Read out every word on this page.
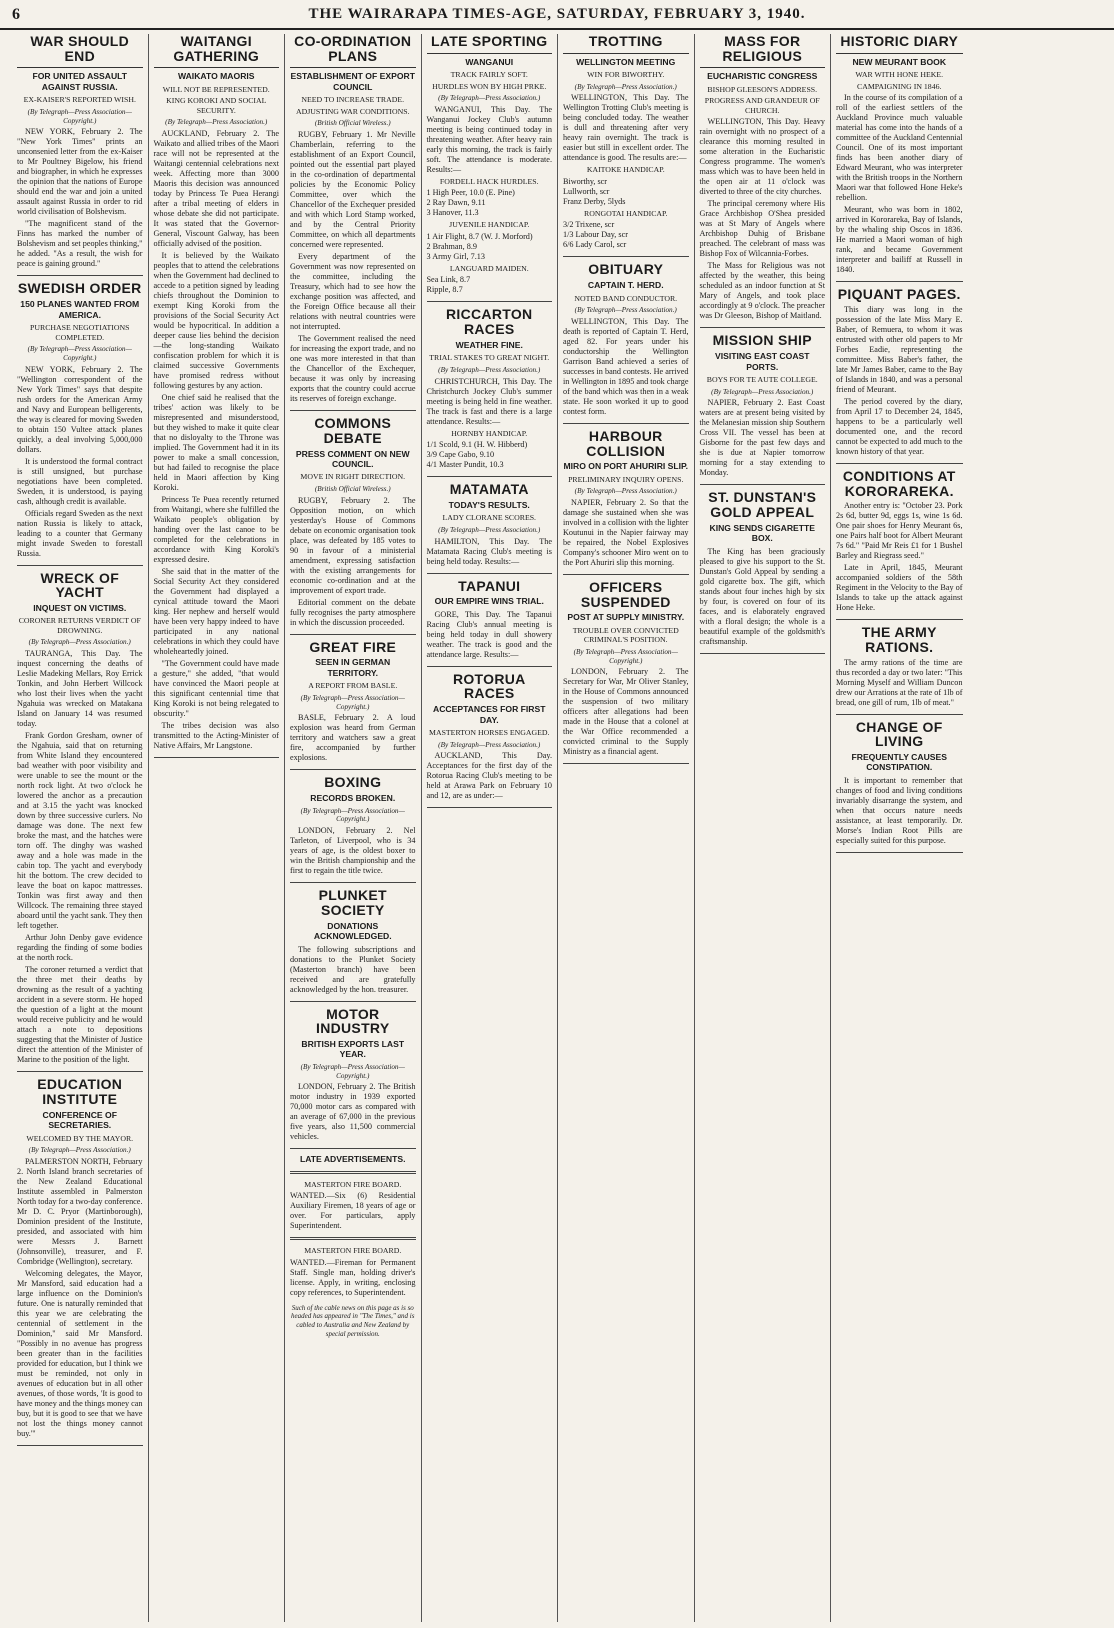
6	THE WAIRARAPA TIMES-AGE, SATURDAY, FEBRUARY 3, 1940.
WAR SHOULD END
FOR UNITED ASSAULT AGAINST RUSSIA.
EX-KAISER'S REPORTED WISH.
(By Telegraph—Press Association—Copyright.)

NEW YORK, February 2. The "New York Times" prints an unconsenied letter from the ex-Kaiser to Mr Poultney Bigelow, his friend and biographer, in which he expresses the opinion that the nations of Europe should end the war and join a united assault against Russia in order to rid world civilisation of Bolshevism.

"The magnificent stand of the Finns has marked the number of Bolshevism and set peoples thinking," he added. "As a result, the wish for peace is gaining ground."

SWEDISH ORDER
150 PLANES WANTED FROM AMERICA.
PURCHASE NEGOTIATIONS COMPLETED.
(By Telegraph—Press Association—Copyright.)

NEW YORK, February 2. The "Wellington correspondent of the New York Times" says that despite rush orders for the American Army and Navy and European belligerents, the way is cleared for moving Sweden to obtain 150 Vultee attack planes quickly, a deal involving 5,000,000 dollars.

It is understood the formal contract is still unsigned, but purchase negotiations have been completed. Sweden, it is understood, is paying cash, although credit is available.

Officials regard Sweden as the next nation Russia is likely to attack, leading to a counter that Germany might invade Sweden to forestall Russia.

WRECK OF YACHT
INQUEST ON VICTIMS.
CORONER RETURNS VERDICT OF DROWNING.
(By Telegraph—Press Association.)

TAURANGA, This Day. The inquest concerning the deaths of Leslie Madeking Mellars, Roy Errick Tonkin, and John Herbert Willcock who lost their lives when the yacht Ngahuia was wrecked on Matakana Island on January 14 was resumed today.

Frank Gordon Gresham, owner of the Ngahuia, said that on returning from White Island they encountered bad weather with poor visibility and were unable to see the mount or the north rock light. At two o'clock he lowered the anchor as a precaution and at 3.15 the yacht was knocked down by three successive curlers. No damage was done. The next few broke the mast, and the hatches were torn off. The dinghy was washed away and a hole was made in the cabin top. The yacht and everybody hit the bottom. The crew decided to leave the boat on kapoc mattresses. Tonkin was first away and then Willcock. The remaining three stayed aboard until the yacht sank. They then left together.

Arthur John Denby gave evidence regarding the finding of some bodies at the north rock.

The coroner returned a verdict that the three met their deaths by drowning as the result of a yachting accident in a severe storm. He hoped the question of a light at the mount would receive publicity and he would attach a note to depositions suggesting that the Minister of Justice direct the attention of the Minister of Marine to the position of the light.

EDUCATION INSTITUTE
CONFERENCE OF SECRETARIES.
WELCOMED BY THE MAYOR.
(By Telegraph—Press Association.)

PALMERSTON NORTH, February 2. North Island branch secretaries of the New Zealand Educational Institute assembled in Palmerston North today for a two-day conference. Mr D. C. Pryor (Martinborough), Dominion president of the Institute, presided, and associated with him were Messrs J. Barnett (Johnsonville), treasurer, and F. Combridge (Wellington), secretary.

Welcoming delegates, the Mayor, Mr Mansford, said education had a large influence on the Dominion's future. One is naturally reminded that this year we are celebrating the centennial of settlement in the Dominion," said Mr Mansford. "Possibly in no avenue has progress been greater than in the facilities provided for education, but I think we must be reminded, not only in avenues of education but in all other avenues, of those words, 'It is good to have money and the things money can buy, but it is good to see that we have not lost the things money cannot buy.'"

WAITANGI GATHERING
WAIKATO MAORIS
WILL NOT BE REPRESENTED.
KING KOROKI AND SOCIAL SECURITY.
(By Telegraph—Press Association.)

AUCKLAND, February 2. The Waikato and allied tribes of the Maori race will not be represented at the Waitangi centennial celebrations next week. Affecting more than 3000 Maoris this decision was announced today by Princess Te Puea Herangi after a tribal meeting of elders in whose debate she did not participate. It was stated that the Governor-General, Viscount Galway, has been officially advised of the position.

It is believed by the Waikato peoples that to attend the celebrations when the Government had declined to accede to a petition signed by leading chiefs throughout the Dominion to exempt King Koroki from the provisions of the Social Security Act would be hypocritical. In addition a deeper cause lies behind the decision —the long-standing Waikato confiscation problem for which it is claimed successive Governments have promised redress without following gestures by any action.

One chief said he realised that the tribes' action was likely to be misrepresented and misunderstood, but they wished to make it quite clear that no disloyalty to the Throne was implied. The Government had it in its power to make a small concession, but had failed to recognise the place held in Maori affection by King Koroki.

Princess Te Puea recently returned from Waitangi, where she fulfilled the Waikato people's obligation by handing over the last canoe to be completed for the celebrations in accordance with King Koroki's expressed desire.

She said that in the matter of the Social Security Act they considered the Government had displayed a cynical attitude toward the Maori king. Her nephew and herself would have been very happy indeed to have participated in any national celebrations in which they could have wholeheartedly joined.

"The Government could have made a gesture," she added, "that would have convinced the Maori people at this significant centennial time that King Koroki is not being relegated to obscurity."

The tribes decision was also transmitted to the Acting-Minister of Native Affairs, Mr Langstone.

CO-ORDINATION PLANS
ESTABLISHMENT OF EXPORT COUNCIL
NEED TO INCREASE TRADE.
ADJUSTING WAR CONDITIONS.
(British Official Wireless.)

RUGBY, February 1. Mr Neville Chamberlain, referring to the establishment of an Export Council, pointed out the essential part played in the co-ordination of departmental policies by the Economic Policy Committee, over which the Chancellor of the Exchequer presided and with which Lord Stamp worked, and by the Central Priority Committee, on which all departments concerned were represented.

Every department of the Government was now represented on the committee, including the Treasury, which had to see how the exchange position was affected, and the Foreign Office because all their relations with neutral countries were not interrupted.

The Government realised the need for increasing the export trade, and no one was more interested in that than the Chancellor of the Exchequer, because it was only by increasing exports that the country could accrue its reserves of foreign exchange.

COMMONS DEBATE
PRESS COMMENT ON NEW COUNCIL.
MOVE IN RIGHT DIRECTION.
(British Official Wireless.)

RUGBY, February 2. The Opposition motion, on which yesterday's House of Commons debate on economic organisation took place, was defeated by 185 votes to 90 in favour of a ministerial amendment, expressing satisfaction with the existing arrangements for economic co-ordination and at the improvement of export trade.

Editorial comment on the debate fully recognises the party atmosphere in which the discussion proceeded.

GREAT FIRE
SEEN IN GERMAN TERRITORY.
A REPORT FROM BASLE.
(By Telegraph—Press Association—Copyright.)

BASLE, February 2. A loud explosion was heard from German territory and watchers saw a great fire, accompanied by further explosions.

BOXING
RECORDS BROKEN.
(By Telegraph—Press Association—Copyright.)

LONDON, February 2. Nel Tarleton, of Liverpool, who is 34 years of age, is the oldest boxer to win the British championship and the first to regain the title twice.

PLUNKET SOCIETY
DONATIONS ACKNOWLEDGED.

The following subscriptions and donations to the Plunket Society (Masterton branch) have been received and are gratefully acknowledged by the hon. treasurer.

MOTOR INDUSTRY
BRITISH EXPORTS LAST YEAR.
(By Telegraph—Press Association—Copyright.)

LONDON, February 2. The British motor industry in 1939 exported 70,000 motor cars as compared with an average of 67,000 in the previous five years, also 11,500 commercial vehicles.

LATE ADVERTISEMENTS.
MASTERTON FIRE BOARD.

WANTED.—Six (6) Residential Auxiliary Firemen, 18 years of age or over. For particulars, apply Superintendent.

MASTERTON FIRE BOARD.

WANTED.—Fireman for Permanent Staff. Single man, holding driver's license. Apply, in writing, enclosing copy references, to Superintendent.

Such of the cable news on this page as is so headed has appeared in "The Times," and is cabled to Australia and New Zealand by special permission.
LATE SPORTING
WANGANUI
TRACK FAIRLY SOFT.
HURDLES WON BY HIGH PRKE.
(By Telegraph—Press Association.)

WANGANUI, This Day. The Wanganui Jockey Club's autumn meeting is being continued today in threatening weather. After heavy rain early this morning, the track is fairly soft. The attendance is moderate. Results:—

FORDELL HACK HURDLES.
1 High Peer, 10.0 (E. Pine)
2 Ray Dawn, 9.11
3 Hanover, 11.3
JUVENILE HANDICAP.
1 Air Flight, 8.7 (W. J. Morford)
2 Brahman, 8.9
3 Army Girl, 7.13
LANGUARD MAIDEN.
Sea Link, 8.7
Ripple, 8.7
RICCARTON RACES
WEATHER FINE.
TRIAL STAKES TO GREAT NIGHT.
(By Telegraph—Press Association.)

CHRISTCHURCH, This Day. The Christchurch Jockey Club's summer meeting is being held in fine weather. The track is fast and there is a large attendance. Results:—

HORNBY HANDICAP.
1/1 Scold, 9.1 (H. W. Hibberd)
3/9 Cape Gabo, 9.10
4/1 Master Pundit, 10.3
MATAMATA
TODAY'S RESULTS.
LADY CLORANE SCORES.
(By Telegraph—Press Association.)

HAMILTON, This Day. The Matamata Racing Club's meeting is being held today. Results:—

TAPANUI
OUR EMPIRE WINS TRIAL.

GORE, This Day. The Tapanui Racing Club's annual meeting is being held today in dull showery weather. The track is good and the attendance large. Results:—

ROTORUA RACES
ACCEPTANCES FOR FIRST DAY.
MASTERTON HORSES ENGAGED.
(By Telegraph—Press Association.)

AUCKLAND, This Day. Acceptances for the first day of the Rotorua Racing Club's meeting to be held at Arawa Park on February 10 and 12, are as under:—

TROTTING
WELLINGTON MEETING
WIN FOR BIWORTHY.
(By Telegraph—Press Association.)

WELLINGTON, This Day. The Wellington Trotting Club's meeting is being concluded today. The weather is dull and threatening after very heavy rain overnight. The track is easier but still in excellent order. The attendance is good. The results are:—

KAITOKE HANDICAP.
Biworthy, scr
Lullworth, scr
Franz Derby, 5lyds
RONGOTAI HANDICAP.
3/2 Trixene, scr
1/3 Labour Day, scr
6/6 Lady Carol, scr
OBITUARY
CAPTAIN T. HERD.
NOTED BAND CONDUCTOR.
(By Telegraph—Press Association.)

WELLINGTON, This Day. The death is reported of Captain T. Herd, aged 82. For years under his conductorship the Wellington Garrison Band achieved a series of successes in band contests. He arrived in Wellington in 1895 and took charge of the band which was then in a weak state. He soon worked it up to good contest form.

HARBOUR COLLISION
MIRO ON PORT AHURIRI SLIP.
PRELIMINARY INQUIRY OPENS.
(By Telegraph—Press Association.)

NAPIER, February 2. So that the damage she sustained when she was involved in a collision with the lighter Koutunui in the Napier fairway may be repaired, the Nobel Explosives Company's schooner Miro went on to the Port Ahuriri slip this morning.

OFFICERS SUSPENDED
POST AT SUPPLY MINISTRY.
TROUBLE OVER CONVICTED CRIMINAL'S POSITION.
(By Telegraph—Press Association—Copyright.)

LONDON, February 2. The Secretary for War, Mr Oliver Stanley, in the House of Commons announced the suspension of two military officers after allegations had been made in the House that a colonel at the War Office recommended a convicted criminal to the Supply Ministry as a financial agent.

MASS FOR RELIGIOUS
EUCHARISTIC CONGRESS
BISHOP GLEESON'S ADDRESS.
PROGRESS AND GRANDEUR OF CHURCH.

WELLINGTON, This Day. Heavy rain overnight with no prospect of a clearance this morning resulted in some alteration in the Eucharistic Congress programme. The women's mass which was to have been held in the open air at 11 o'clock was diverted to three of the city churches.

The principal ceremony where His Grace Archbishop O'Shea presided was at St Mary of Angels where Archbishop Duhig of Brisbane preached. The celebrant of mass was Bishop Fox of Wilcannia-Forbes.

The Mass for Religious was not affected by the weather, this being scheduled as an indoor function at St Mary of Angels, and took place accordingly at 9 o'clock. The preacher was Dr Gleeson, Bishop of Maitland.

MISSION SHIP
VISITING EAST COAST PORTS.
BOYS FOR TE AUTE COLLEGE.
(By Telegraph—Press Association.)

NAPIER, February 2. East Coast waters are at present being visited by the Melanesian mission ship Southern Cross VII. The vessel has been at Gisborne for the past few days and she is due at Napier tomorrow morning for a stay extending to Monday.

ST. DUNSTAN'S GOLD APPEAL
KING SENDS CIGARETTE BOX.

The King has been graciously pleased to give his support to the St. Dunstan's Gold Appeal by sending a gold cigarette box. The gift, which stands about four inches high by six by four, is covered on four of its faces, and is elaborately engraved with a floral design; the whole is a beautiful example of the goldsmith's craftsmanship.

HISTORIC DIARY
NEW MEURANT BOOK
WAR WITH HONE HEKE.
CAMPAIGNING IN 1846.

In the course of its compilation of a roll of the earliest settlers of the Auckland Province much valuable material has come into the hands of a committee of the Auckland Centennial Council. One of its most important finds has been another diary of Edward Meurant, who was interpreter with the British troops in the Northern Maori war that followed Hone Heke's rebellion.

Meurant, who was born in 1802, arrived in Kororareka, Bay of Islands, by the whaling ship Oscos in 1836. He married a Maori woman of high rank, and became Government interpreter and bailiff at Russell in 1840.

PIQUANT PAGES.

This diary was long in the possession of the late Miss Mary E. Baber, of Remuera, to whom it was entrusted with other old papers to Mr Forbes Eadie, representing the committee. Miss Baber's father, the late Mr James Baber, came to the Bay of Islands in 1840, and was a personal friend of Meurant.

The period covered by the diary, from April 17 to December 24, 1845, happens to be a particularly well documented one, and the record cannot be expected to add much to the known history of that year.

CONDITIONS AT KORORAREKA.

Another entry is: "October 23. Pork 2s 6d, butter 9d, eggs 1s, wine 1s 6d. One pair shoes for Henry Meurant 6s, one Pairs half boot for Albert Meurant 7s 6d." "Paid Mr Reis £1 for 1 Bushel Barley and Riegrass seed."

Late in April, 1845, Meurant accompanied soldiers of the 58th Regiment in the Velocity to the Bay of Islands to take up the attack against Hone Heke.

THE ARMY RATIONS.

The army rations of the time are thus recorded a day or two later: "This Morning Myself and William Duncon drew our Arrations at the rate of 1lb of bread, one gill of rum, 1lb of meat."

CHANGE OF LIVING
FREQUENTLY CAUSES CONSTIPATION.

It is important to remember that changes of food and living conditions invariably disarrange the system, and when that occurs nature needs assistance, at least temporarily. Dr. Morse's Indian Root Pills are especially suited for this purpose.
